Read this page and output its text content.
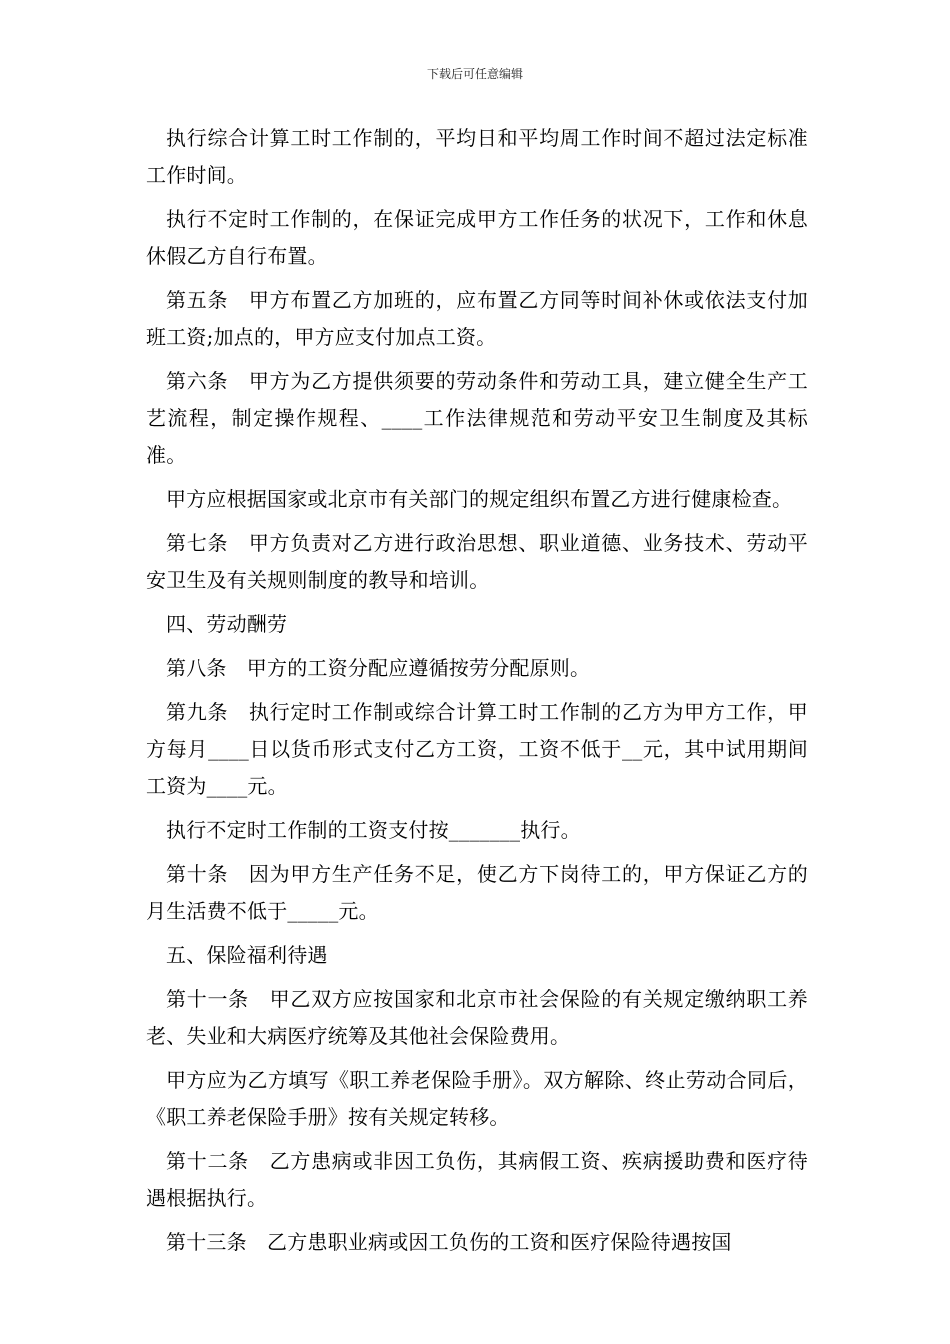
下载后可任意编辑

执行综合计算工时工作制的，平均日和平均周工作时间不超过法定标准工作时间。

执行不定时工作制的，在保证完成甲方工作任务的状况下，工作和休息休假乙方自行布置。

第五条　甲方布置乙方加班的，应布置乙方同等时间补休或依法支付加班工资;加点的，甲方应支付加点工资。

第六条　甲方为乙方提供须要的劳动条件和劳动工具，建立健全生产工艺流程，制定操作规程、____工作法律规范和劳动平安卫生制度及其标准。

甲方应根据国家或北京市有关部门的规定组织布置乙方进行健康检查。

第七条　甲方负责对乙方进行政治思想、职业道德、业务技术、劳动平安卫生及有关规则制度的教导和培训。

四、劳动酬劳

第八条　甲方的工资分配应遵循按劳分配原则。

第九条　执行定时工作制或综合计算工时工作制的乙方为甲方工作，甲方每月____日以货币形式支付乙方工资，工资不低于__元，其中试用期间工资为____元。

执行不定时工作制的工资支付按_______执行。

第十条　因为甲方生产任务不足，使乙方下岗待工的，甲方保证乙方的月生活费不低于_____元。

五、保险福利待遇

第十一条　甲乙双方应按国家和北京市社会保险的有关规定缴纳职工养老、失业和大病医疗统筹及其他社会保险费用。

甲方应为乙方填写《职工养老保险手册》。双方解除、终止劳动合同后，《职工养老保险手册》按有关规定转移。

第十二条　乙方患病或非因工负伤，其病假工资、疾病援助费和医疗待遇根据执行。

第十三条　乙方患职业病或因工负伤的工资和医疗保险待遇按国
